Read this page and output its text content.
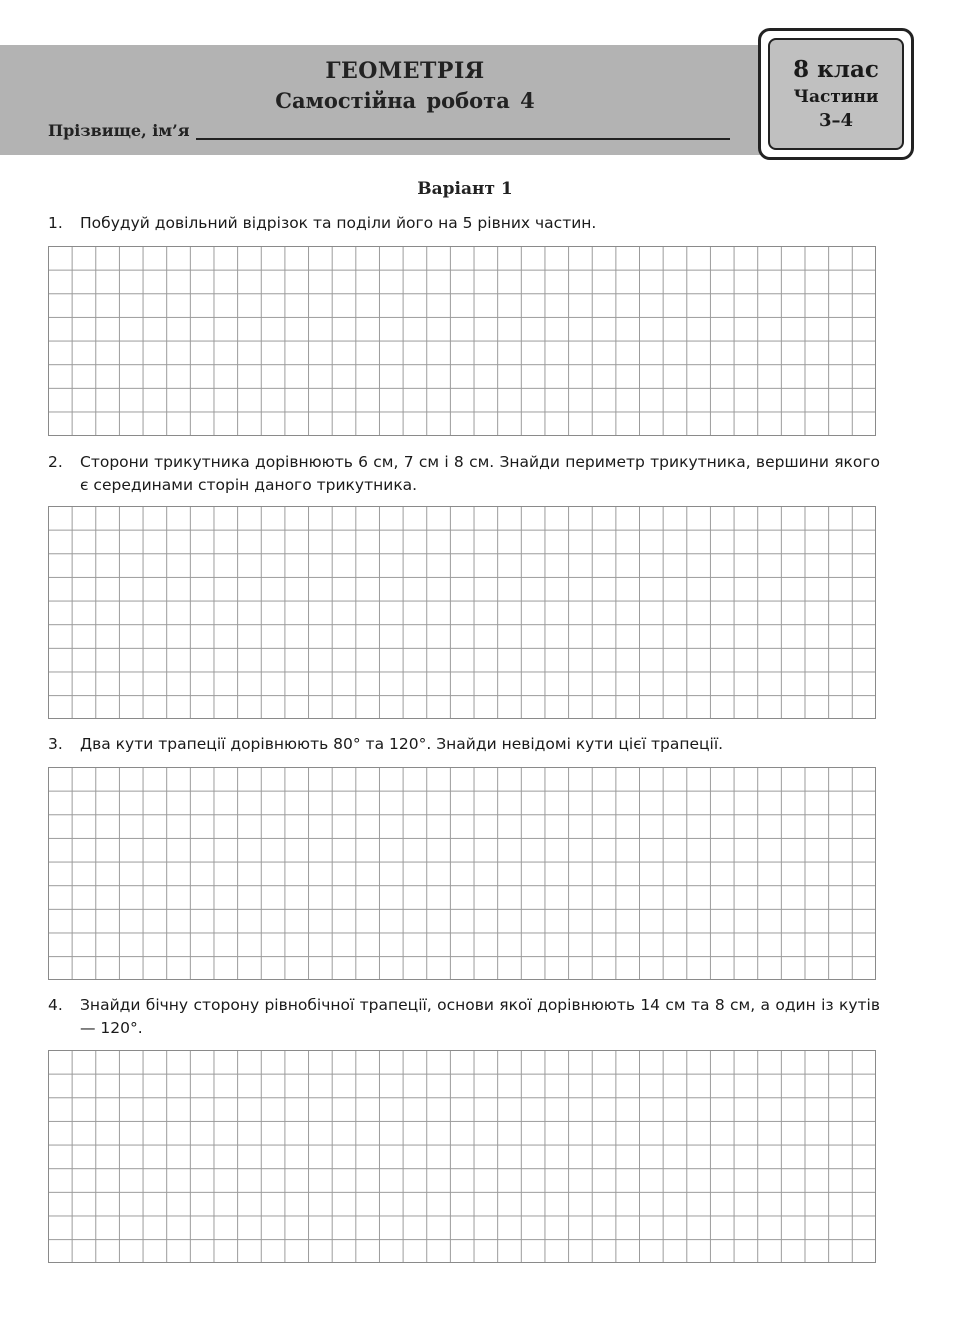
ГЕОМЕТРІЯ
Самостійна робота 4
Прізвище, ім’я
8 клас
Частини
3–4
Варіант 1
1. Побудуй довільний відрізок та поділи його на 5 рівних частин.
2. Сторони трикутника дорівнюють 6 см, 7 см і 8 см. Знайди периметр трикутника, вершини якого є серединами сторін даного трикутника.
3. Два кути трапеції дорівнюють 80° та 120°. Знайди невідомі кути цієї трапеції.
4. Знайди бічну сторону рівнобічної трапеції, основи якої дорівнюють 14 см та 8 см, а один із кутів — 120°.
